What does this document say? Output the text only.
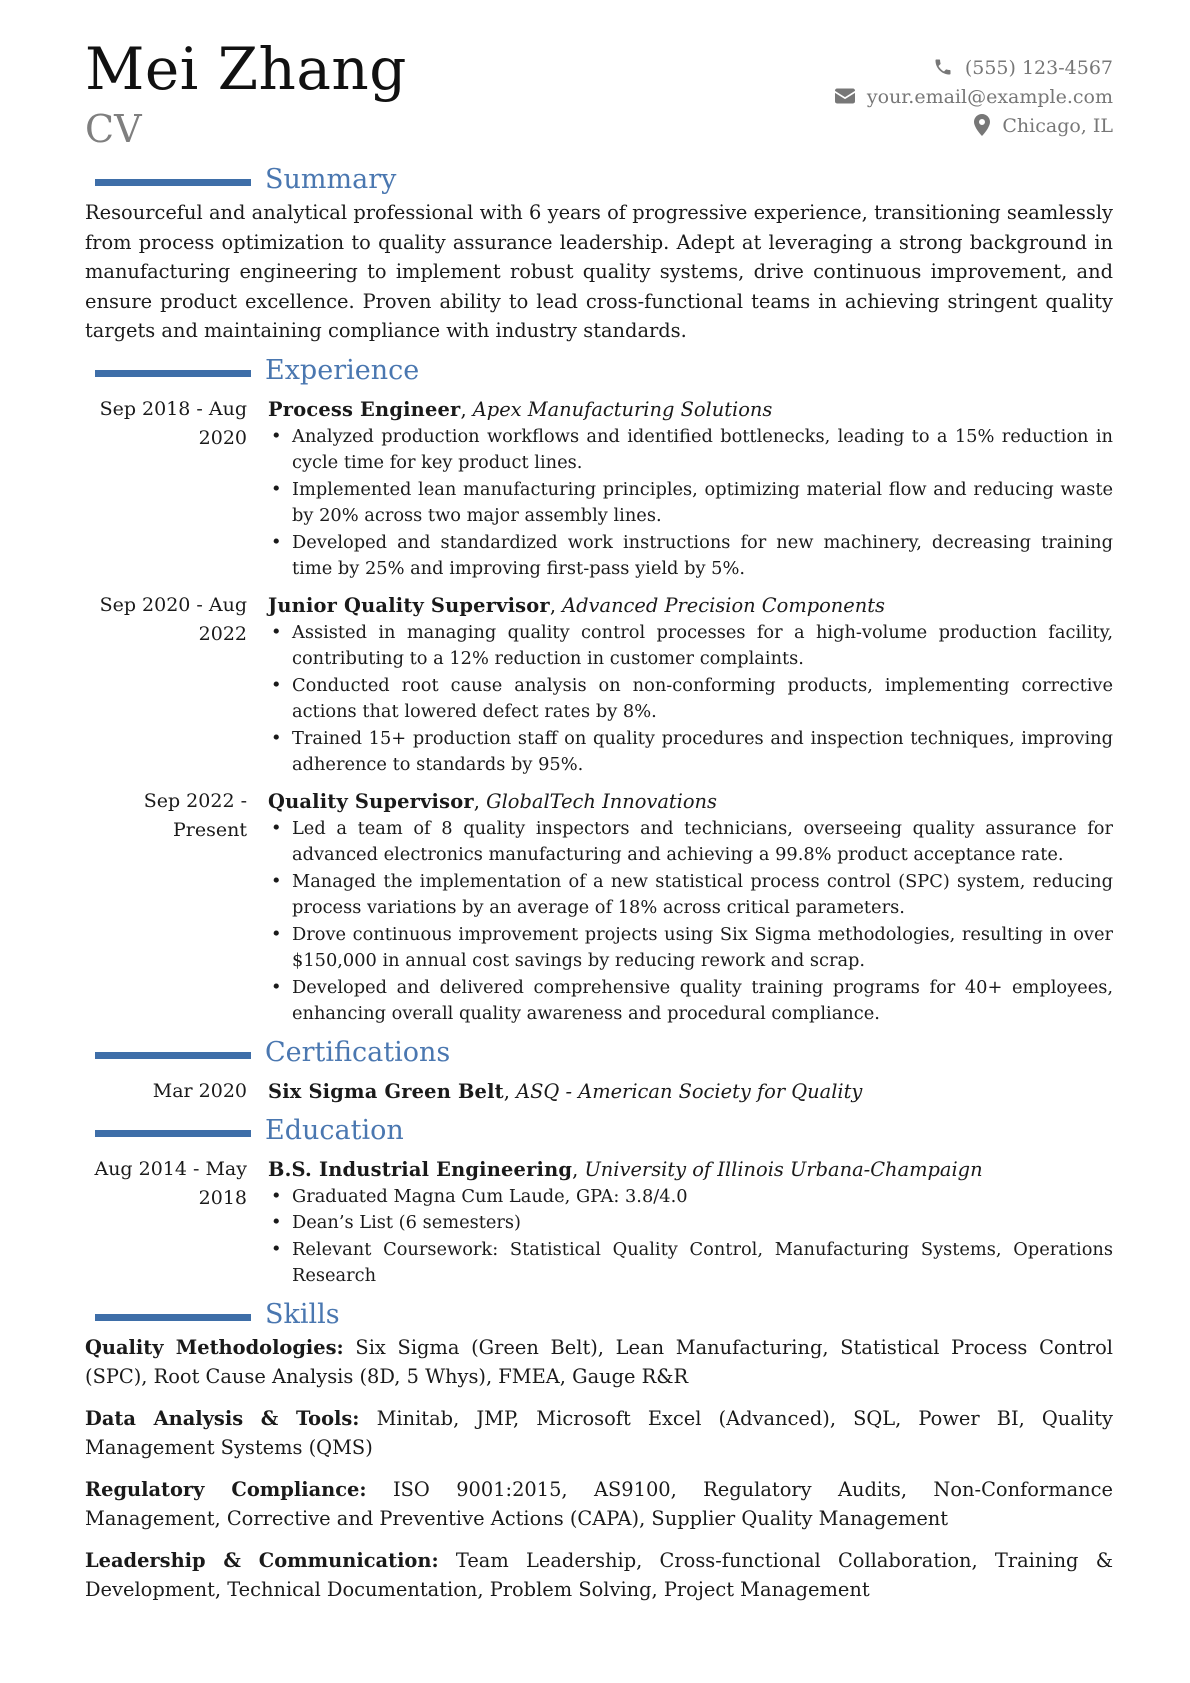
Mei Zhang
CV
(555) 123-4567
your.email@example.com
Chicago, IL
Summary
Resourceful and analytical professional with 6 years of progressive experience, transitioning seamlessly from process optimization to quality assurance leadership. Adept at leveraging a strong background in manufacturing engineering to implement robust quality systems, drive continuous improvement, and ensure product excellence. Proven ability to lead cross-functional teams in achieving stringent quality targets and maintaining compliance with industry standards.
Experience
Sep 2018 - Aug 2020
Process Engineer, Apex Manufacturing Solutions
• Analyzed production workflows and identified bottlenecks, leading to a 15% reduction in cycle time for key product lines.
• Implemented lean manufacturing principles, optimizing material flow and reducing waste by 20% across two major assembly lines.
• Developed and standardized work instructions for new machinery, decreasing training time by 25% and improving first-pass yield by 5%.
Sep 2020 - Aug 2022
Junior Quality Supervisor, Advanced Precision Components
• Assisted in managing quality control processes for a high-volume production facility, contributing to a 12% reduction in customer complaints.
• Conducted root cause analysis on non-conforming products, implementing corrective actions that lowered defect rates by 8%.
• Trained 15+ production staff on quality procedures and inspection techniques, improving adherence to standards by 95%.
Sep 2022 - Present
Quality Supervisor, GlobalTech Innovations
• Led a team of 8 quality inspectors and technicians, overseeing quality assurance for advanced electronics manufacturing and achieving a 99.8% product acceptance rate.
• Managed the implementation of a new statistical process control (SPC) system, reducing process variations by an average of 18% across critical parameters.
• Drove continuous improvement projects using Six Sigma methodologies, resulting in over $150,000 in annual cost savings by reducing rework and scrap.
• Developed and delivered comprehensive quality training programs for 40+ employees, enhancing overall quality awareness and procedural compliance.
Certifications
Mar 2020 Six Sigma Green Belt, ASQ - American Society for Quality
Education
Aug 2014 - May 2018
B.S. Industrial Engineering, University of Illinois Urbana-Champaign
• Graduated Magna Cum Laude, GPA: 3.8/4.0
• Dean’s List (6 semesters)
• Relevant Coursework: Statistical Quality Control, Manufacturing Systems, Operations Research
Skills
Quality Methodologies: Six Sigma (Green Belt), Lean Manufacturing, Statistical Process Control (SPC), Root Cause Analysis (8D, 5 Whys), FMEA, Gauge R&R
Data Analysis & Tools: Minitab, JMP, Microsoft Excel (Advanced), SQL, Power BI, Quality Management Systems (QMS)
Regulatory Compliance: ISO 9001:2015, AS9100, Regulatory Audits, Non-Conformance Management, Corrective and Preventive Actions (CAPA), Supplier Quality Management
Leadership & Communication: Team Leadership, Cross-functional Collaboration, Training & Development, Technical Documentation, Problem Solving, Project Management
